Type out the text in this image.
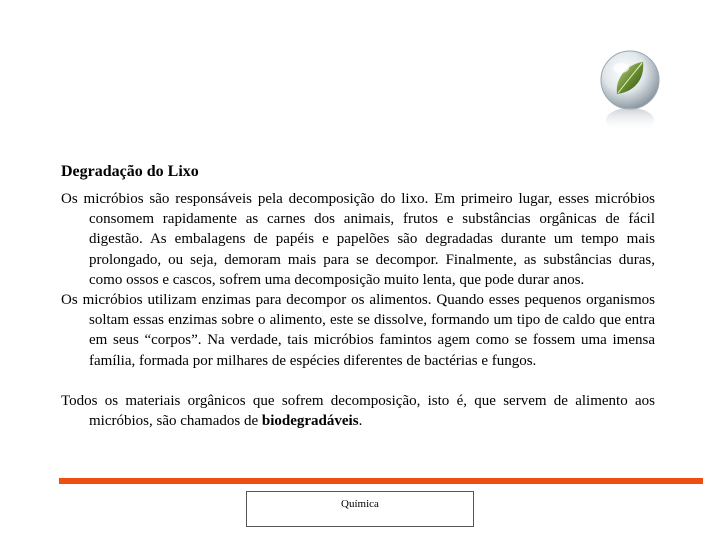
Degradação do Lixo

Os micróbios são responsáveis pela decomposição do lixo. Em primeiro lugar, esses micróbios consomem rapidamente as carnes dos animais, frutos e substâncias orgânicas de fácil digestão. As embalagens de papéis e papelões são degradadas durante um tempo mais prolongado, ou seja, demoram mais para se decompor. Finalmente, as substâncias duras, como ossos e cascos, sofrem uma decomposição muito lenta, que pode durar anos.

Os micróbios utilizam enzimas para decompor os alimentos. Quando esses pequenos organismos soltam essas enzimas sobre o alimento, este se dissolve, formando um tipo de caldo que entra em seus “corpos”. Na verdade, tais micróbios famintos agem como se fossem uma imensa família, formada por milhares de espécies diferentes de bactérias e fungos.

Todos os materiais orgânicos que sofrem decomposição, isto é, que servem de alimento aos micróbios, são chamados de biodegradáveis.

Química
